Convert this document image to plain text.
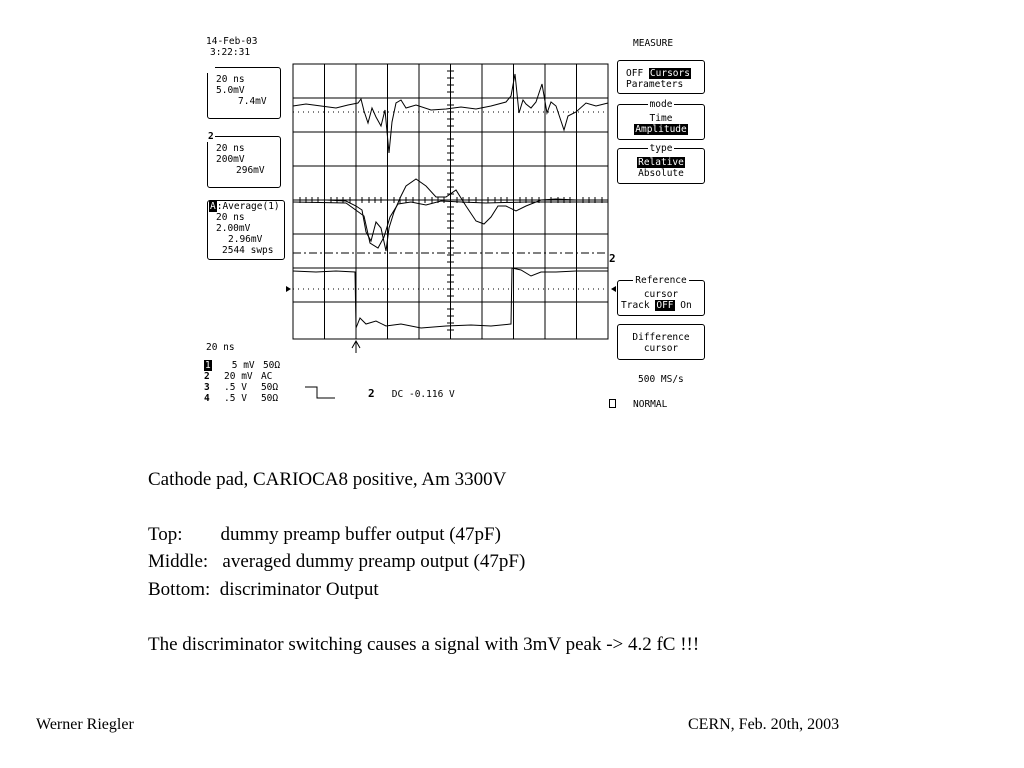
14-Feb-03
3:22:31
1
20 ns
5.0mV
7.4mV
2
20 ns
200mV
296mV
A:Average(1)
20 ns
2.00mV
2.96mV
2544 swps
2
20 ns
1 5 mV 50Ω
2 20 mV AC
3 .5 V 50Ω
4 .5 V 50Ω	2 DC -0.116 V
MEASURE
OFF Cursors
Parameters
mode
Time
Amplitude
type
Relative
Absolute
Reference
cursor
Track OFF On
Difference
cursor
500 MS/s
NORMAL
Cathode pad, CARIOCA8 positive, Am 3300V
Top:        dummy preamp buffer output (47pF)
Middle:   averaged dummy preamp output (47pF)
Bottom:  discriminator Output
The discriminator switching causes a signal with 3mV peak -> 4.2 fC !!!
Werner Riegler	CERN, Feb. 20th, 2003
